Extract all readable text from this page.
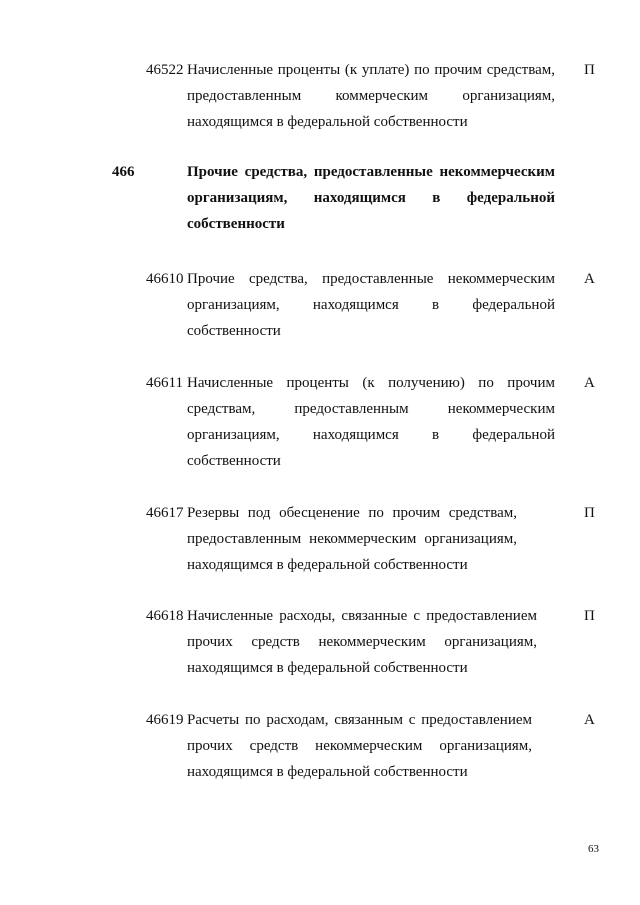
46522 Начисленные проценты (к уплате) по прочим средствам, предоставленным коммерческим организациям, находящимся в федеральной собственности
П
466	Прочие средства, предоставленные некоммерческим организациям, находящимся в федеральной собственности
46610 Прочие средства, предоставленные некоммерческим организациям, находящимся в федеральной собственности
А
46611 Начисленные проценты (к получению) по прочим средствам, предоставленным некоммерческим организациям, находящимся в федеральной собственности
А
46617 Резервы под обесценение по прочим средствам, предоставленным некоммерческим организациям, находящимся в федеральной собственности
П
46618 Начисленные расходы, связанные с предоставлением прочих средств некоммерческим организациям, находящимся в федеральной собственности
П
46619 Расчеты по расходам, связанным с предоставлением прочих средств некоммерческим организациям, находящимся в федеральной собственности
А
63
